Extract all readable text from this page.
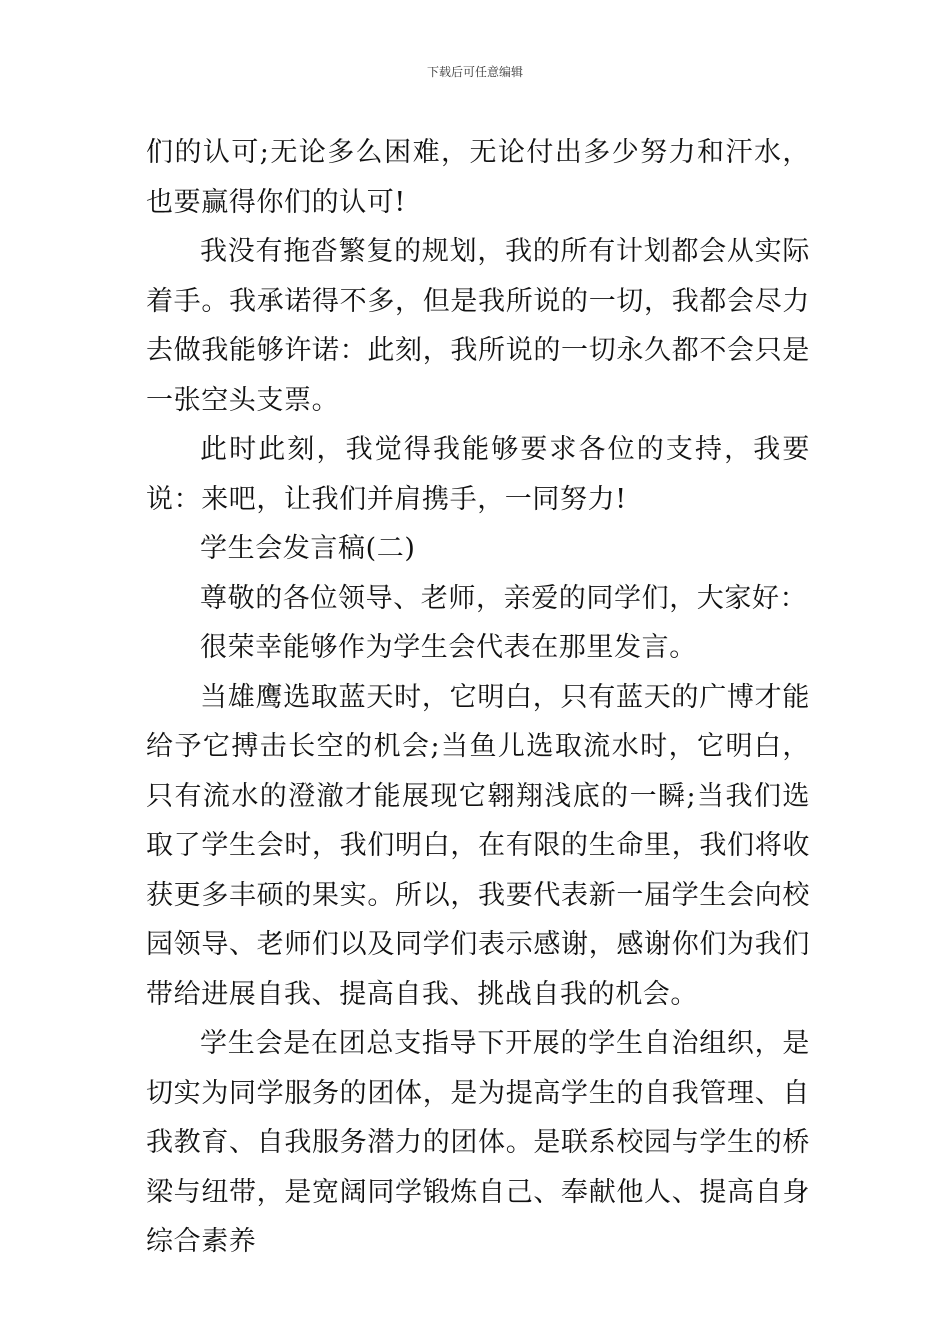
下载后可任意编辑

们的认可;无论多么困难，无论付出多少努力和汗水，也要赢得你们的认可!

我没有拖沓繁复的规划，我的所有计划都会从实际着手。我承诺得不多，但是我所说的一切，我都会尽力去做我能够许诺：此刻，我所说的一切永久都不会只是一张空头支票。

此时此刻，我觉得我能够要求各位的支持，我要说：来吧，让我们并肩携手，一同努力!

学生会发言稿(二)

尊敬的各位领导、老师，亲爱的同学们，大家好：

很荣幸能够作为学生会代表在那里发言。

当雄鹰选取蓝天时，它明白，只有蓝天的广博才能给予它搏击长空的机会;当鱼儿选取流水时，它明白，只有流水的澄澈才能展现它翱翔浅底的一瞬;当我们选取了学生会时，我们明白，在有限的生命里，我们将收获更多丰硕的果实。所以，我要代表新一届学生会向校园领导、老师们以及同学们表示感谢，感谢你们为我们带给进展自我、提高自我、挑战自我的机会。

学生会是在团总支指导下开展的学生自治组织，是切实为同学服务的团体，是为提高学生的自我管理、自我教育、自我服务潜力的团体。是联系校园与学生的桥梁与纽带，是宽阔同学锻炼自己、奉献他人、提高自身综合素养
